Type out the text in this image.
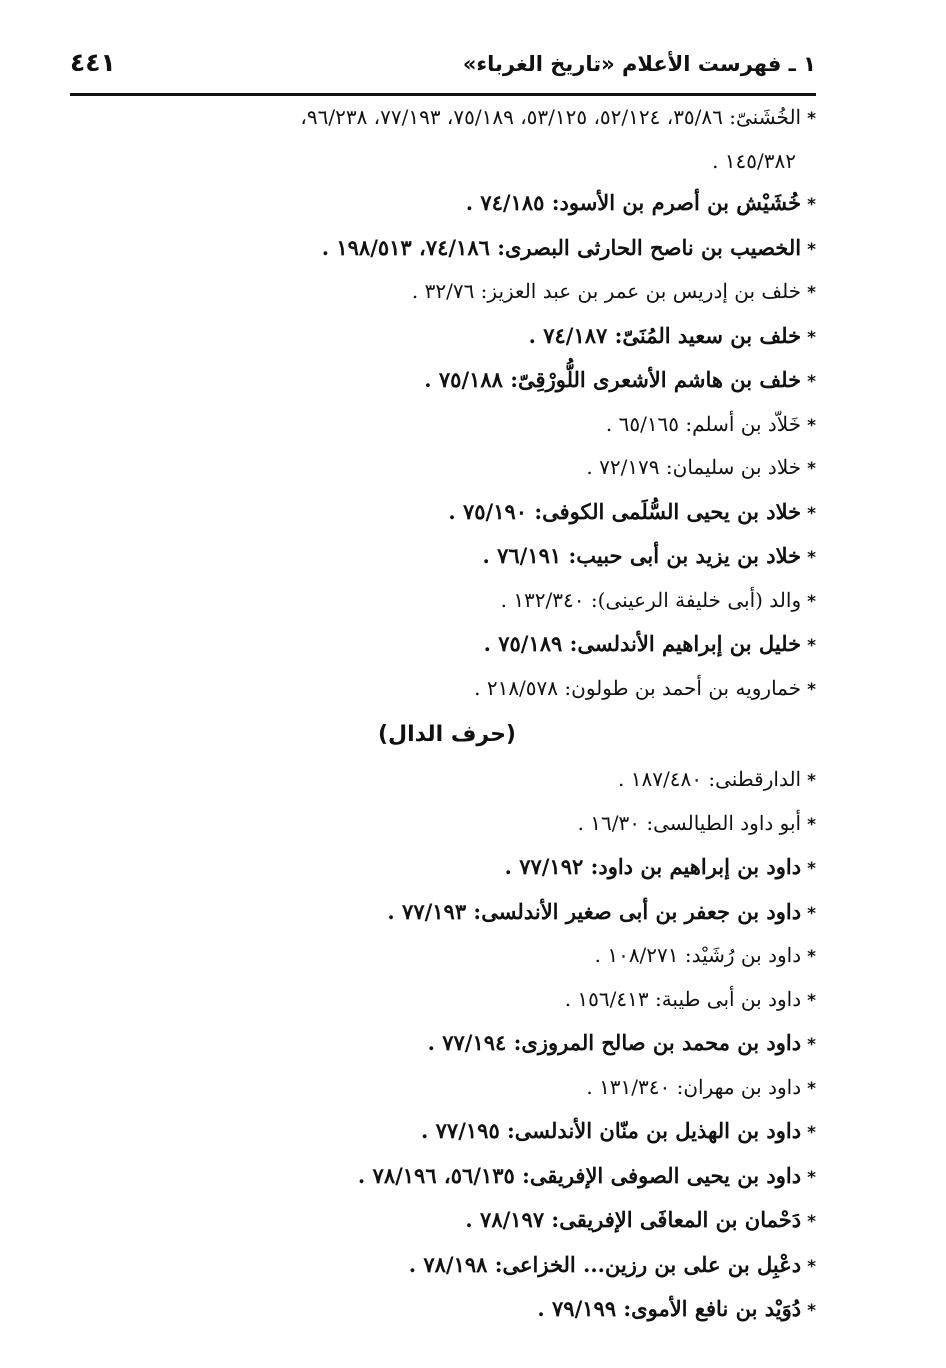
١ ـ فهرست الأعلام «تاريخ الغرباء»
٤٤١
*الخُشَنىّ: ٣٥/٨٦، ٥٢/١٢٤، ٥٣/١٢٥، ٧٥/١٨٩، ٧٧/١٩٣، ٩٦/٢٣٨،
١٤٥/٣٨٢ .
*خُشَيْش بن أصرم بن الأسود: ٧٤/١٨٥ .
*الخصيب بن ناصح الحارثى البصرى: ٧٤/١٨٦، ١٩٨/٥١٣ .
*خلف بن إدريس بن عمر بن عبد العزيز: ٣٢/٧٦ .
*خلف بن سعيد المُنَىّ: ٧٤/١٨٧ .
*خلف بن هاشم الأشعرى اللُّورْقِىّ: ٧٥/١٨٨ .
*خَلاّد بن أسلم: ٦٥/١٦٥ .
*خلاد بن سليمان: ٧٢/١٧٩ .
*خلاد بن يحيى السُّلَمى الكوفى: ٧٥/١٩٠ .
*خلاد بن يزيد بن أبى حبيب: ٧٦/١٩١ .
*والد (أبى خليفة الرعينى): ١٣٢/٣٤٠ .
*خليل بن إبراهيم الأندلسى: ٧٥/١٨٩ .
*خمارويه بن أحمد بن طولون: ٢١٨/٥٧٨ .
(حرف الدال)
*الدارقطنى: ١٨٧/٤٨٠ .
*أبو داود الطيالسى: ١٦/٣٠ .
*داود بن إبراهيم بن داود: ٧٧/١٩٢ .
*داود بن جعفر بن أبى صغير الأندلسى: ٧٧/١٩٣ .
*داود بن رُشَيْد: ١٠٨/٢٧١ .
*داود بن أبى طيبة: ١٥٦/٤١٣ .
*داود بن محمد بن صالح المروزى: ٧٧/١٩٤ .
*داود بن مهران: ١٣١/٣٤٠ .
*داود بن الهذيل بن منّان الأندلسى: ٧٧/١٩٥ .
*داود بن يحيى الصوفى الإفريقى: ٥٦/١٣٥، ٧٨/١٩٦ .
*دَحْمان بن المعافَى الإفريقى: ٧٨/١٩٧ .
*دعْبِل بن على بن رزين... الخزاعى: ٧٨/١٩٨ .
*دُوَيْد بن نافع الأموى: ٧٩/١٩٩ .
